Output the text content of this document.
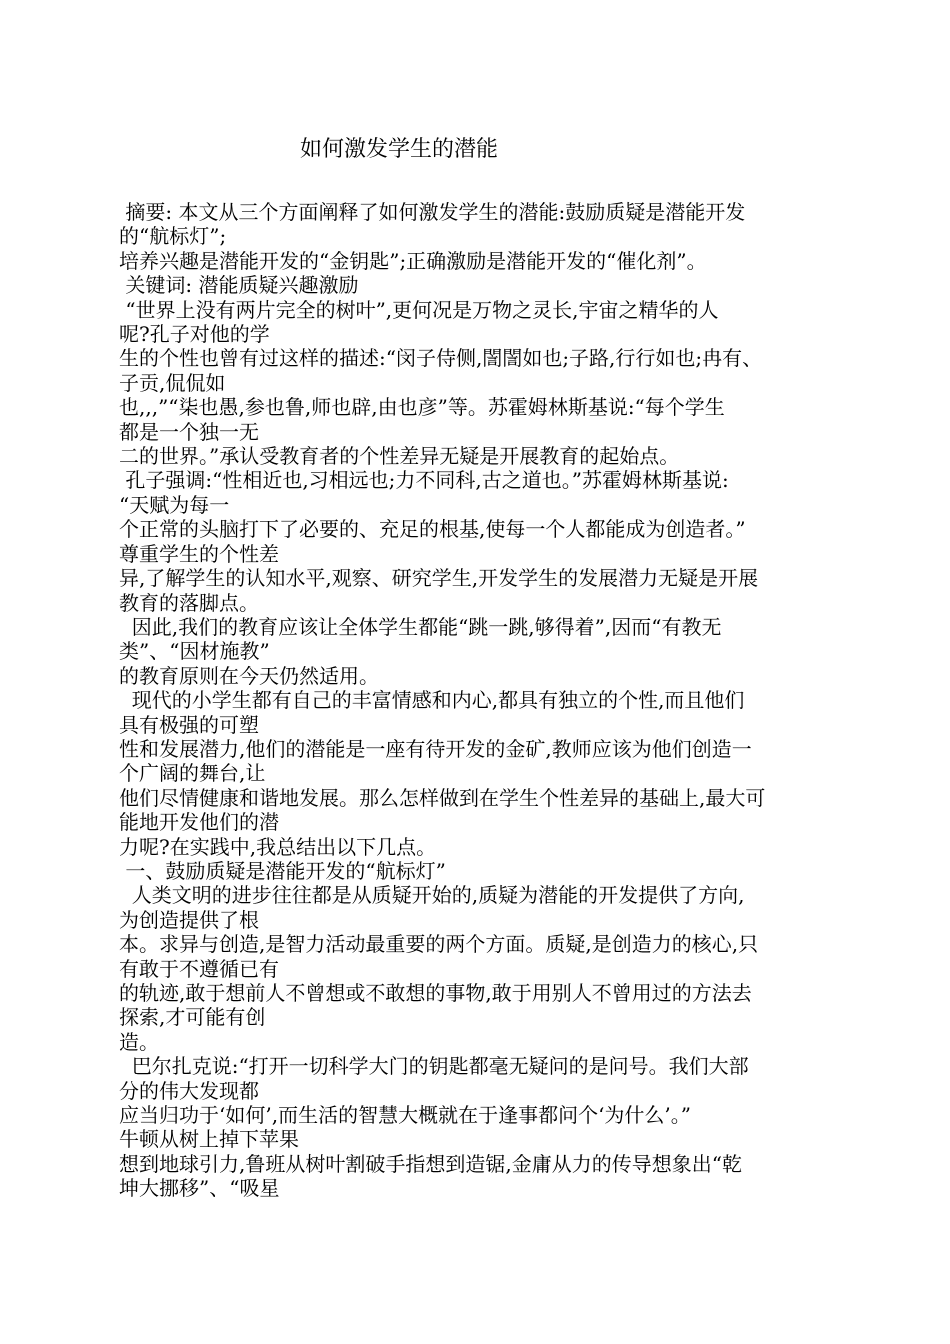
如何激发学生的潜能
摘要: 本文从三个方面阐释了如何激发学生的潜能:鼓励质疑是潜能开发
的“航标灯”;
培养兴趣是潜能开发的“金钥匙”;正确激励是潜能开发的“催化剂”。
关键词: 潜能质疑兴趣激励
“世界上没有两片完全的树叶”,更何况是万物之灵长,宇宙之精华的人
呢?孔子对他的学
生的个性也曾有过这样的描述:“闵子侍侧,誾誾如也;子路,行行如也;冉有、
子贡,侃侃如
也,,,”“柒也愚,参也鲁,师也辟,由也彦”等。苏霍姆林斯基说:“每个学生
都是一个独一无
二的世界。”承认受教育者的个性差异无疑是开展教育的起始点。
孔子强调:“性相近也,习相远也;力不同科,古之道也。”苏霍姆林斯基说:
“天赋为每一
个正常的头脑打下了必要的、充足的根基,使每一个人都能成为创造者。”
尊重学生的个性差
异,了解学生的认知水平,观察、研究学生,开发学生的发展潜力无疑是开展
教育的落脚点。
因此,我们的教育应该让全体学生都能“跳一跳,够得着”,因而“有教无
类”、“因材施教”
的教育原则在今天仍然适用。
现代的小学生都有自己的丰富情感和内心,都具有独立的个性,而且他们
具有极强的可塑
性和发展潜力,他们的潜能是一座有待开发的金矿,教师应该为他们创造一
个广阔的舞台,让
他们尽情健康和谐地发展。那么怎样做到在学生个性差异的基础上,最大可
能地开发他们的潜
力呢?在实践中,我总结出以下几点。
一、鼓励质疑是潜能开发的“航标灯”
人类文明的进步往往都是从质疑开始的,质疑为潜能的开发提供了方向,
为创造提供了根
本。求异与创造,是智力活动最重要的两个方面。质疑,是创造力的核心,只
有敢于不遵循已有
的轨迹,敢于想前人不曾想或不敢想的事物,敢于用别人不曾用过的方法去
探索,才可能有创
造。
巴尔扎克说:“打开一切科学大门的钥匙都毫无疑问的是问号。我们大部
分的伟大发现都
应当归功于‘如何’,而生活的智慧大概就在于逢事都问个‘为什么’。”
牛顿从树上掉下苹果
想到地球引力,鲁班从树叶割破手指想到造锯,金庸从力的传导想象出“乾
坤大挪移”、“吸星
